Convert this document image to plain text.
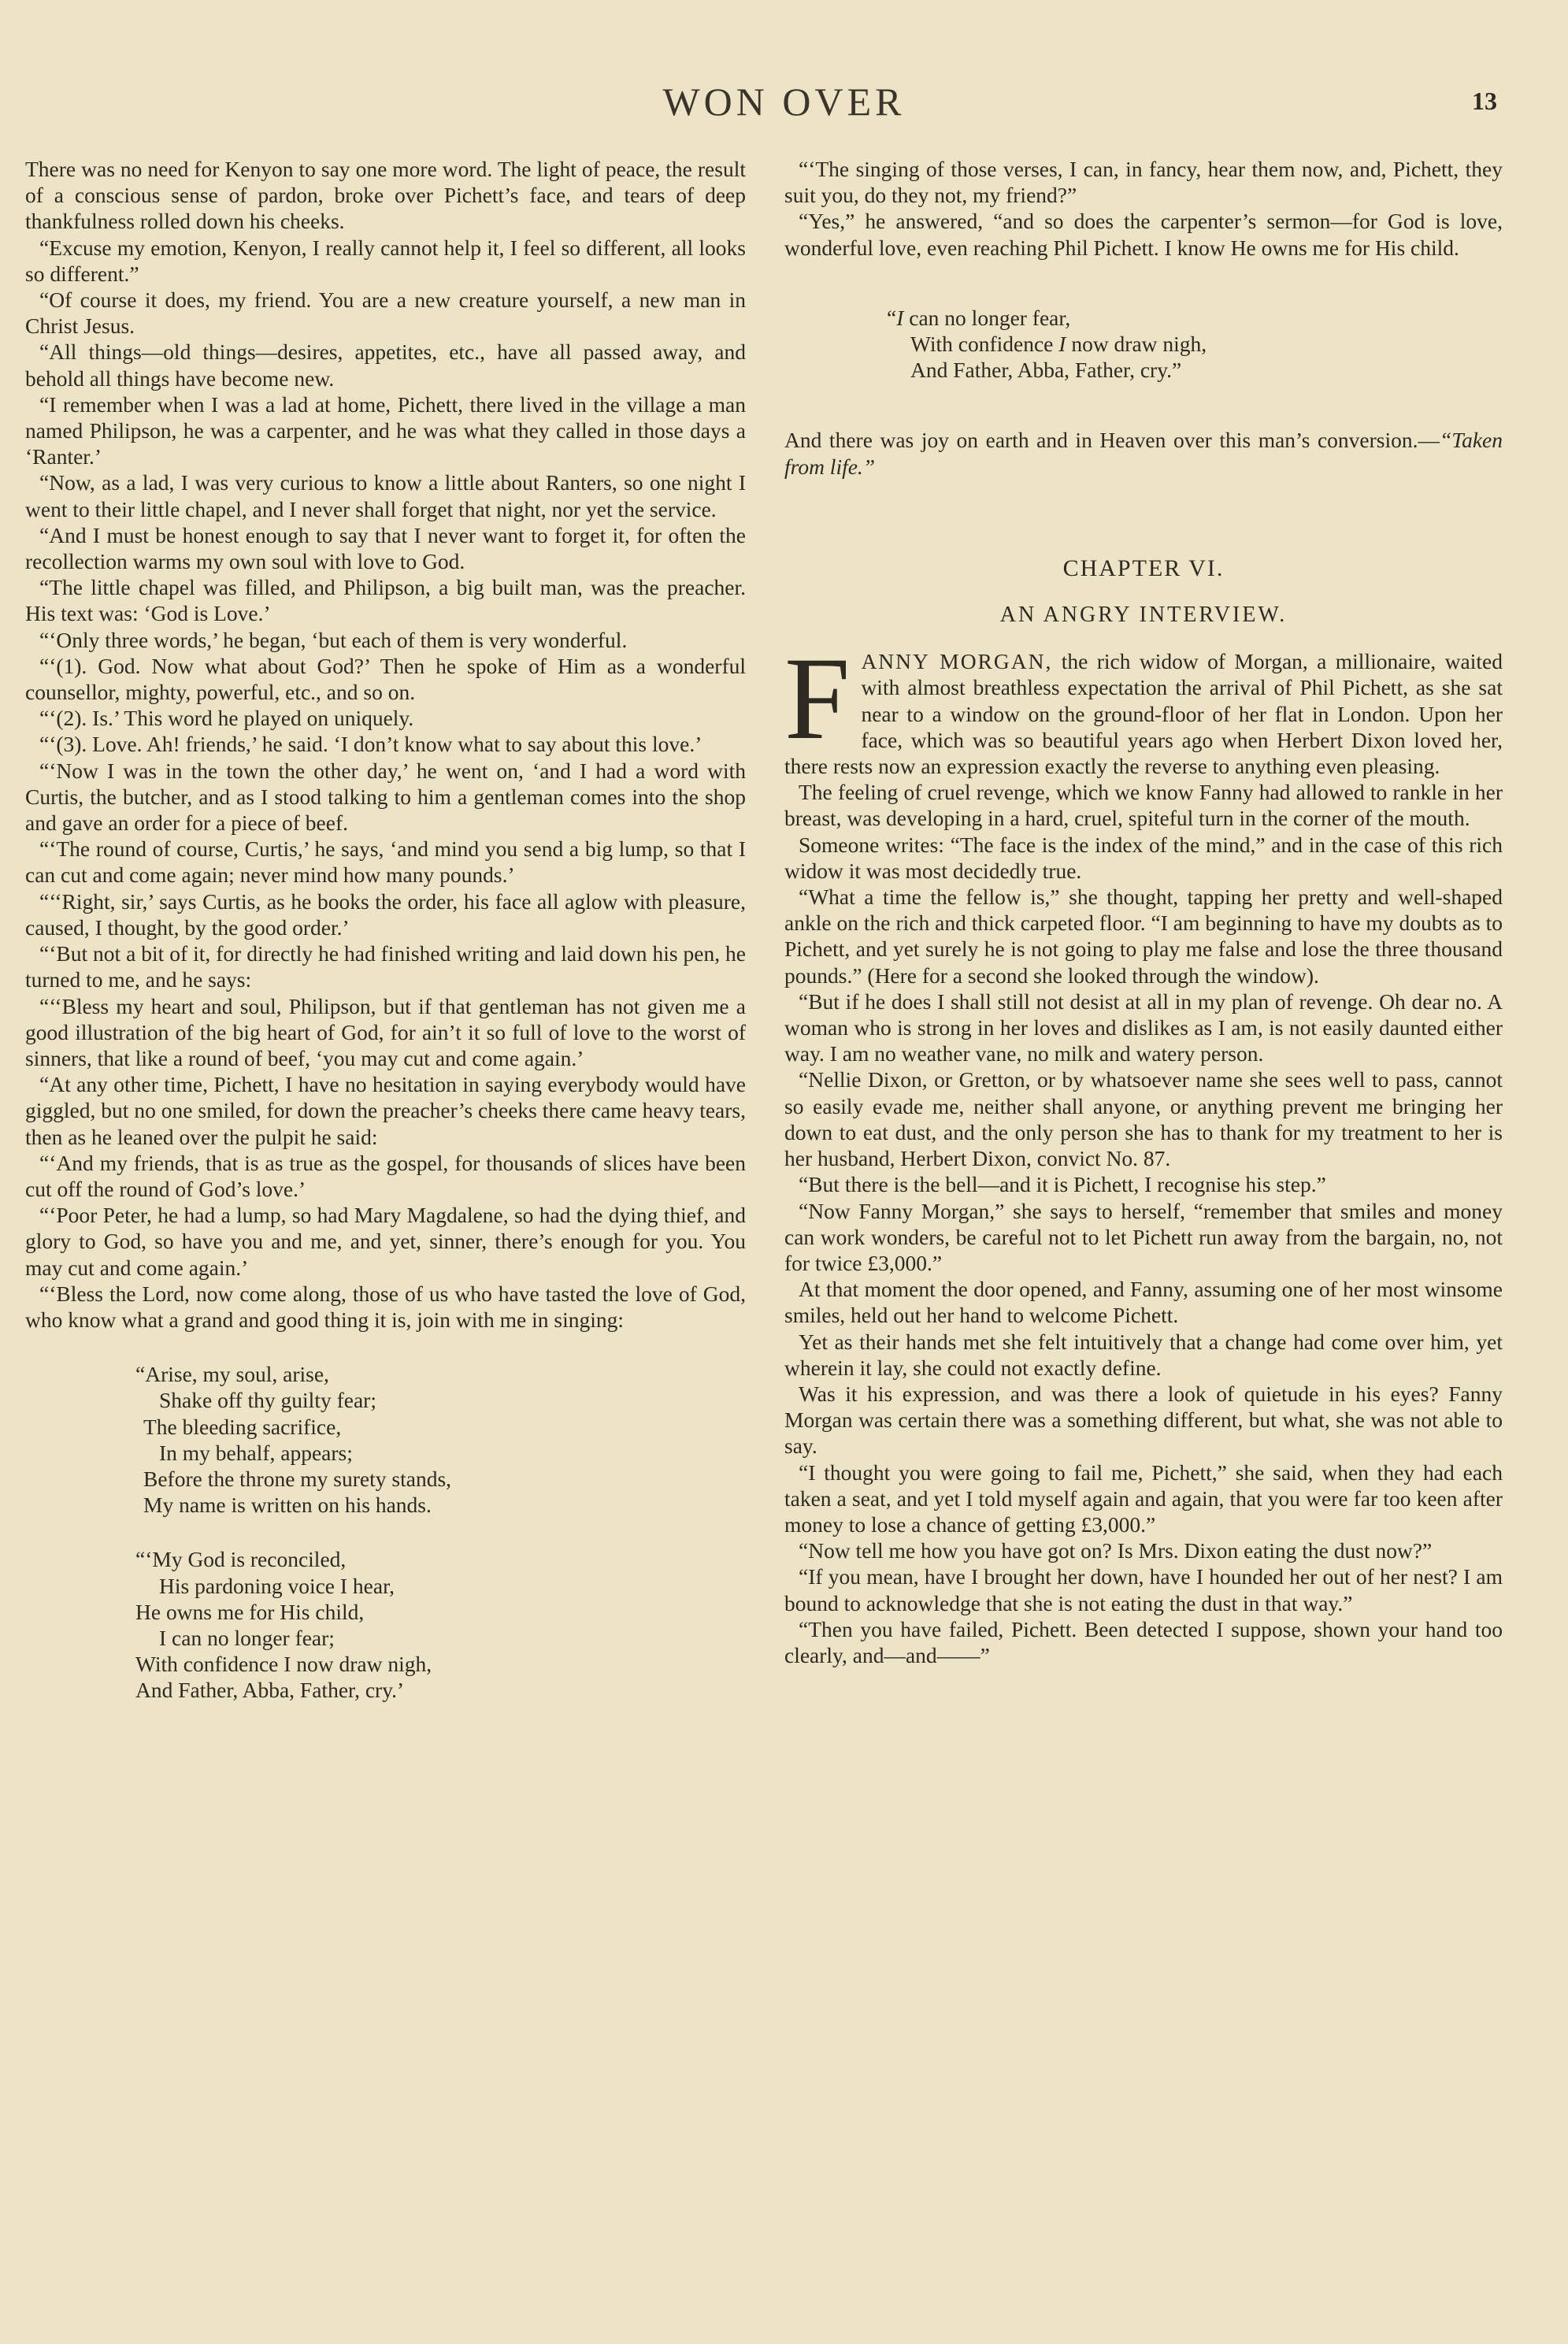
WON OVER	13

There was no need for Kenyon to say one more word. The light of peace, the result of a conscious sense of pardon, broke over Pichett’s face, and tears of deep thankfulness rolled down his cheeks.

“Excuse my emotion, Kenyon, I really cannot help it, I feel so different, all looks so different.”

“Of course it does, my friend. You are a new creature yourself, a new man in Christ Jesus.

“All things—old things—desires, appetites, etc., have all passed away, and behold all things have become new.

“I remember when I was a lad at home, Pichett, there lived in the village a man named Philipson, he was a carpenter, and he was what they called in those days a ‘Ranter.’

“Now, as a lad, I was very curious to know a little about Ranters, so one night I went to their little chapel, and I never shall forget that night, nor yet the service.

“And I must be honest enough to say that I never want to forget it, for often the recollection warms my own soul with love to God.

“The little chapel was filled, and Philipson, a big built man, was the preacher. His text was: ‘God is Love.’

“‘Only three words,’ he began, ‘but each of them is very wonderful.

“‘(1). God. Now what about God?’ Then he spoke of Him as a wonderful counsellor, mighty, powerful, etc., and so on.

“‘(2). Is.’ This word he played on uniquely.

“‘(3). Love. Ah! friends,’ he said. ‘I don’t know what to say about this love.’

“‘Now I was in the town the other day,’ he went on, ‘and I had a word with Curtis, the butcher, and as I stood talking to him a gentleman comes into the shop and gave an order for a piece of beef.

“‘The round of course, Curtis,’ he says, ‘and mind you send a big lump, so that I can cut and come again; never mind how many pounds.’

“‘‘Right, sir,’ says Curtis, as he books the order, his face all aglow with pleasure, caused, I thought, by the good order.’

“‘But not a bit of it, for directly he had finished writing and laid down his pen, he turned to me, and he says:

“‘‘Bless my heart and soul, Philipson, but if that gentleman has not given me a good illustration of the big heart of God, for ain’t it so full of love to the worst of sinners, that like a round of beef, ‘you may cut and come again.’

“At any other time, Pichett, I have no hesitation in saying everybody would have giggled, but no one smiled, for down the preacher’s cheeks there came heavy tears, then as he leaned over the pulpit he said:

“‘And my friends, that is as true as the gospel, for thousands of slices have been cut off the round of God’s love.’

“‘Poor Peter, he had a lump, so had Mary Magdalene, so had the dying thief, and glory to God, so have you and me, and yet, sinner, there’s enough for you. You may cut and come again.’

“‘Bless the Lord, now come along, those of us who have tasted the love of God, who know what a grand and good thing it is, join with me in singing:

“Arise, my soul, arise,
Shake off thy guilty fear;
The bleeding sacrifice,
In my behalf, appears;
Before the throne my surety stands,
My name is written on his hands.
“‘My God is reconciled,
His pardoning voice I hear,
He owns me for His child,
I can no longer fear;
With confidence I now draw nigh,
And Father, Abba, Father, cry.’

“‘The singing of those verses, I can, in fancy, hear them now, and, Pichett, they suit you, do they not, my friend?”

“Yes,” he answered, “and so does the carpenter’s sermon—for God is love, wonderful love, even reaching Phil Pichett. I know He owns me for His child.

“I can no longer fear,
With confidence I now draw nigh,
And Father, Abba, Father, cry.”

And there was joy on earth and in Heaven over this man’s conversion.—“Taken from life.”

CHAPTER VI.
AN ANGRY INTERVIEW.

FANNY MORGAN, the rich widow of Morgan, a millionaire, waited with almost breathless expectation the arrival of Phil Pichett, as she sat near to a window on the ground-floor of her flat in London. Upon her face, which was so beautiful years ago when Herbert Dixon loved her, there rests now an expression exactly the reverse to anything even pleasing.

The feeling of cruel revenge, which we know Fanny had allowed to rankle in her breast, was developing in a hard, cruel, spiteful turn in the corner of the mouth.

Someone writes: “The face is the index of the mind,” and in the case of this rich widow it was most decidedly true.

“What a time the fellow is,” she thought, tapping her pretty and well-shaped ankle on the rich and thick carpeted floor. “I am beginning to have my doubts as to Pichett, and yet surely he is not going to play me false and lose the three thousand pounds.” (Here for a second she looked through the window).

“But if he does I shall still not desist at all in my plan of revenge. Oh dear no. A woman who is strong in her loves and dislikes as I am, is not easily daunted either way. I am no weather vane, no milk and watery person.

“Nellie Dixon, or Gretton, or by whatsoever name she sees well to pass, cannot so easily evade me, neither shall anyone, or anything prevent me bringing her down to eat dust, and the only person she has to thank for my treatment to her is her husband, Herbert Dixon, convict No. 87.

“But there is the bell—and it is Pichett, I recognise his step.”

“Now Fanny Morgan,” she says to herself, “remember that smiles and money can work wonders, be careful not to let Pichett run away from the bargain, no, not for twice £3,000.”

At that moment the door opened, and Fanny, assuming one of her most winsome smiles, held out her hand to welcome Pichett.

Yet as their hands met she felt intuitively that a change had come over him, yet wherein it lay, she could not exactly define.

Was it his expression, and was there a look of quietude in his eyes? Fanny Morgan was certain there was a something different, but what, she was not able to say.

“I thought you were going to fail me, Pichett,” she said, when they had each taken a seat, and yet I told myself again and again, that you were far too keen after money to lose a chance of getting £3,000.”

“Now tell me how you have got on? Is Mrs. Dixon eating the dust now?”

“If you mean, have I brought her down, have I hounded her out of her nest? I am bound to acknowledge that she is not eating the dust in that way.”

“Then you have failed, Pichett. Been detected I suppose, shown your hand too clearly, and—and——”
